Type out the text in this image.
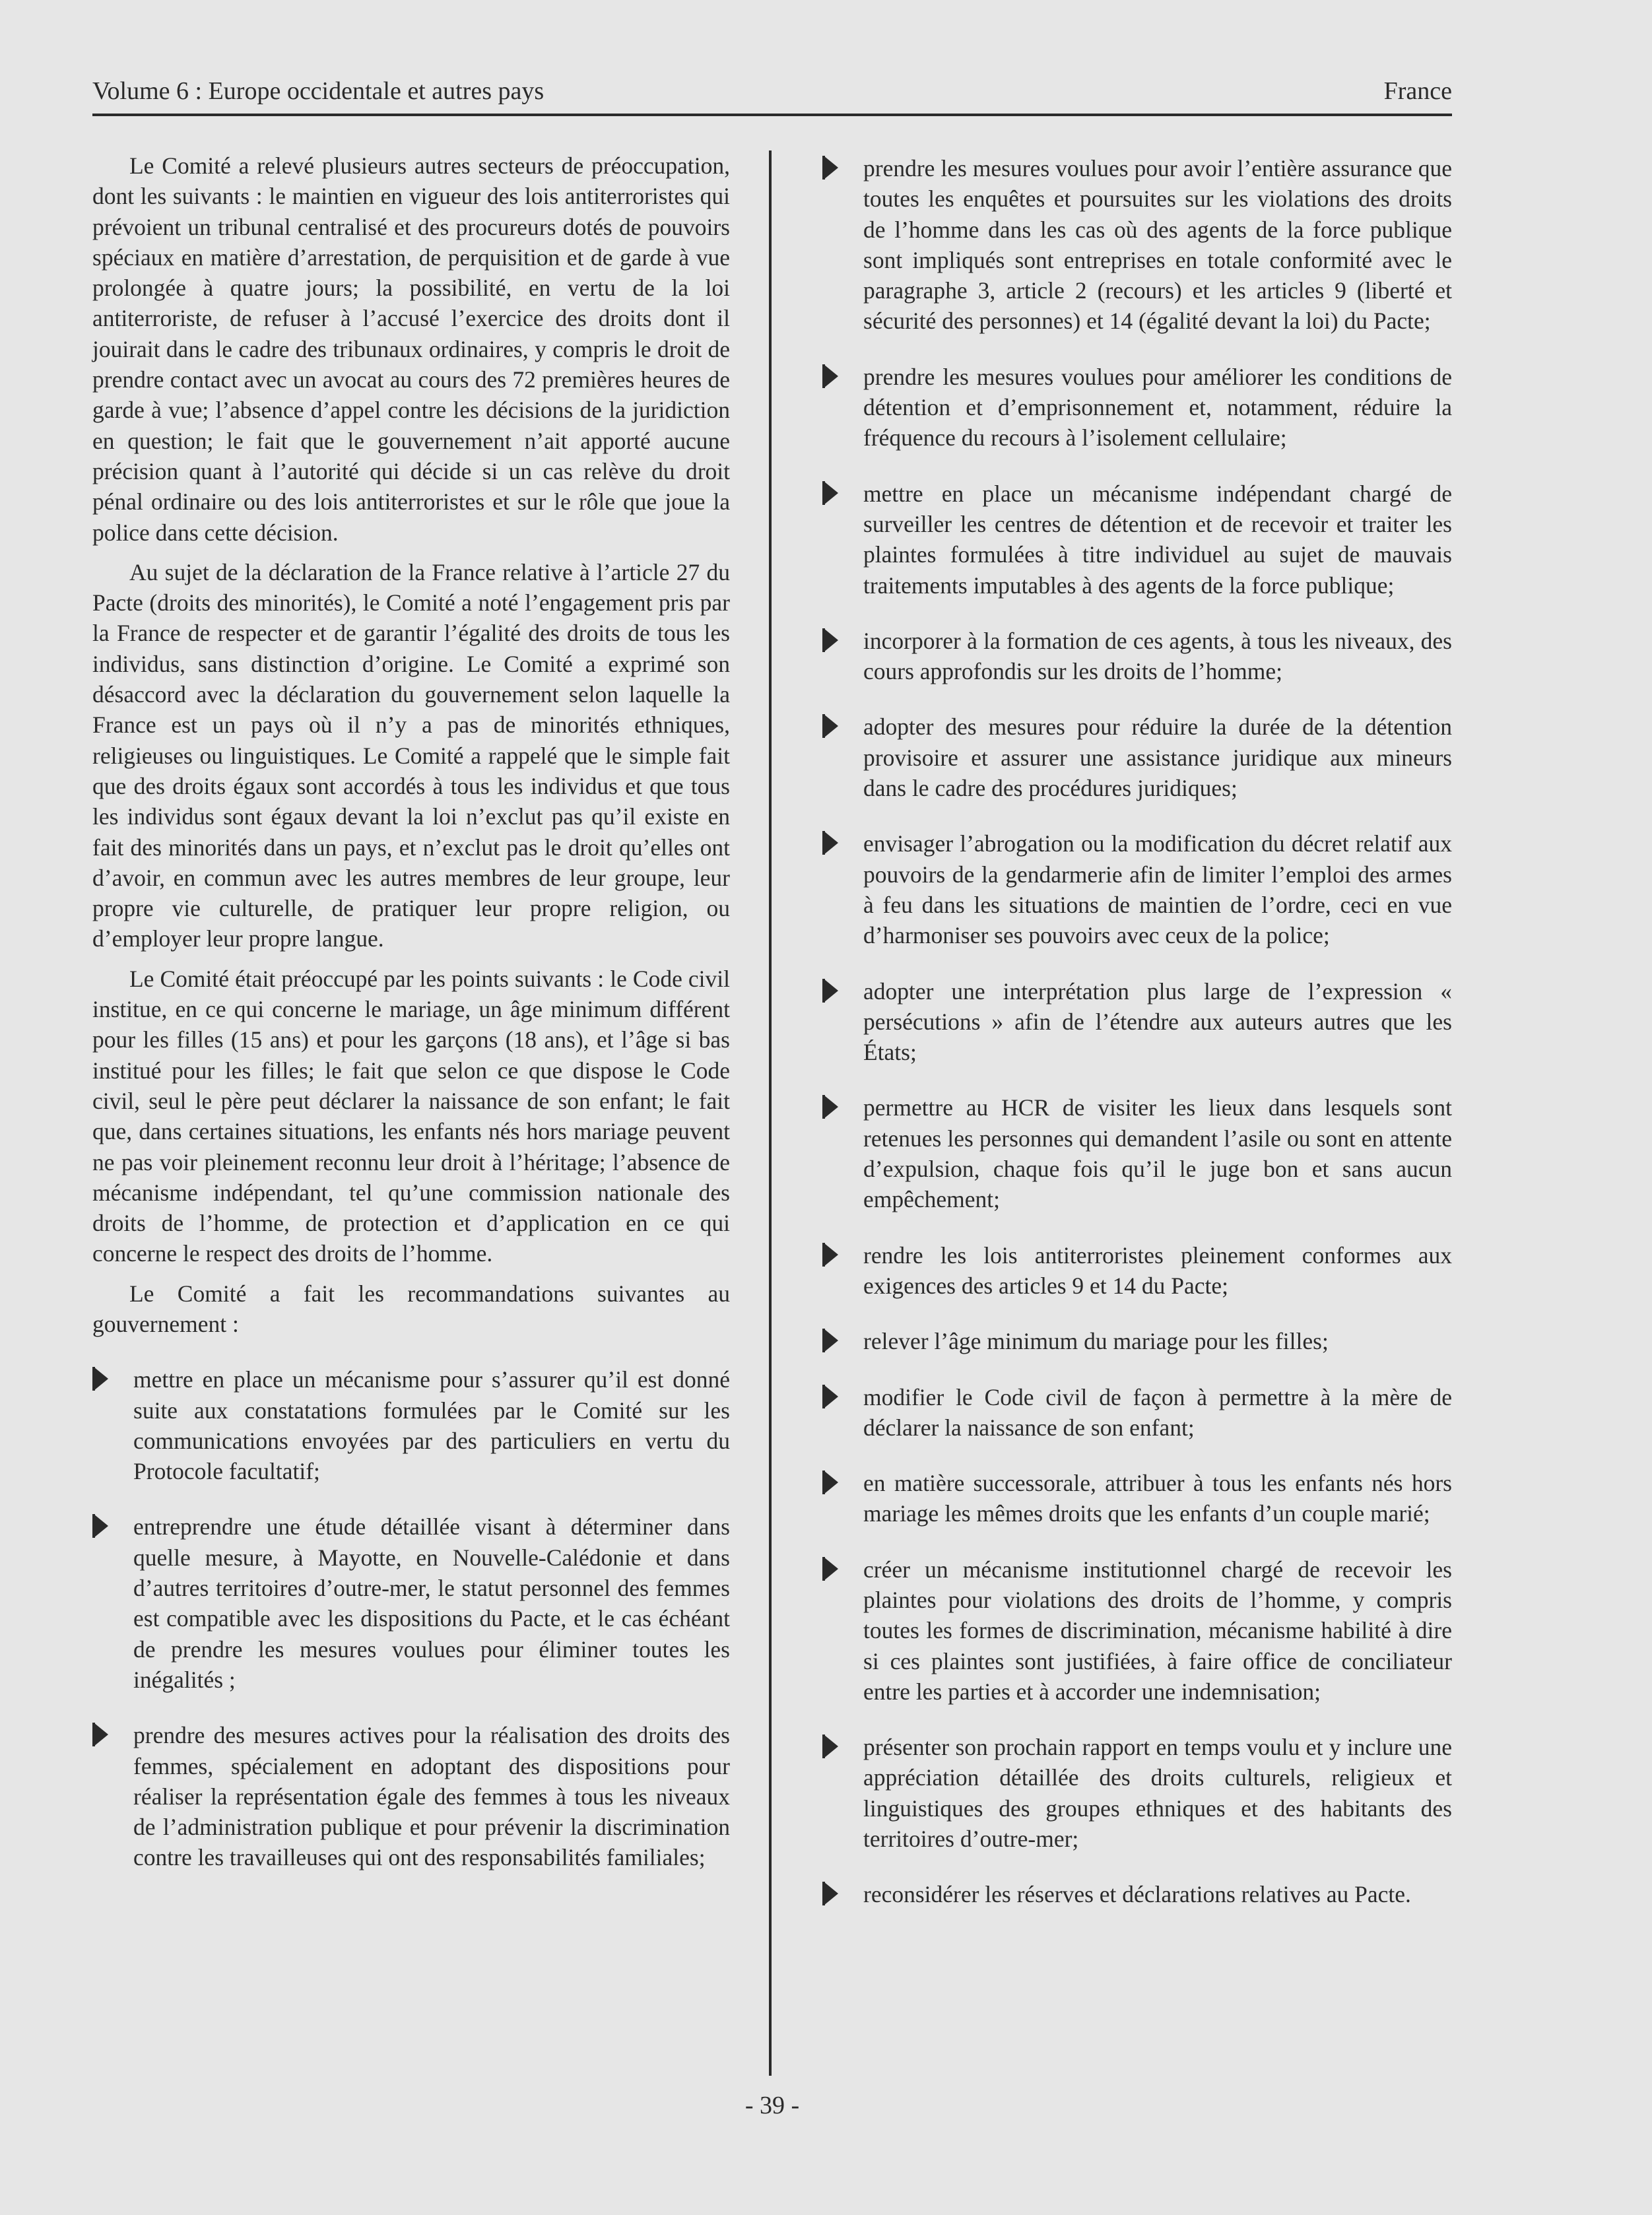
Volume 6 : Europe occidentale et autres pays	France

Le Comité a relevé plusieurs autres secteurs de préoccupation, dont les suivants : le maintien en vigueur des lois antiterroristes qui prévoient un tribunal centralisé et des procureurs dotés de pouvoirs spéciaux en matière d’arrestation, de perquisition et de garde à vue prolongée à quatre jours; la possibilité, en vertu de la loi antiterroriste, de refuser à l’accusé l’exercice des droits dont il jouirait dans le cadre des tribunaux ordinaires, y compris le droit de prendre contact avec un avocat au cours des 72 premières heures de garde à vue; l’absence d’appel contre les décisions de la juridiction en question; le fait que le gouvernement n’ait apporté aucune précision quant à l’autorité qui décide si un cas relève du droit pénal ordinaire ou des lois antiterroristes et sur le rôle que joue la police dans cette décision.

Au sujet de la déclaration de la France relative à l’article 27 du Pacte (droits des minorités), le Comité a noté l’engagement pris par la France de respecter et de garantir l’égalité des droits de tous les individus, sans distinction d’origine. Le Comité a exprimé son désaccord avec la déclaration du gouvernement selon laquelle la France est un pays où il n’y a pas de minorités ethniques, religieuses ou linguistiques. Le Comité a rappelé que le simple fait que des droits égaux sont accordés à tous les individus et que tous les individus sont égaux devant la loi n’exclut pas qu’il existe en fait des minorités dans un pays, et n’exclut pas le droit qu’elles ont d’avoir, en commun avec les autres membres de leur groupe, leur propre vie culturelle, de pratiquer leur propre religion, ou d’employer leur propre langue.

Le Comité était préoccupé par les points suivants : le Code civil institue, en ce qui concerne le mariage, un âge minimum différent pour les filles (15 ans) et pour les garçons (18 ans), et l’âge si bas institué pour les filles; le fait que selon ce que dispose le Code civil, seul le père peut déclarer la naissance de son enfant; le fait que, dans certaines situations, les enfants nés hors mariage peuvent ne pas voir pleinement reconnu leur droit à l’héritage; l’absence de mécanisme indépendant, tel qu’une commission nationale des droits de l’homme, de protection et d’application en ce qui concerne le respect des droits de l’homme.

Le Comité a fait les recommandations suivantes au gouvernement :

mettre en place un mécanisme pour s’assurer qu’il est donné suite aux constatations formulées par le Comité sur les communications envoyées par des particuliers en vertu du Protocole facultatif;
entreprendre une étude détaillée visant à déterminer dans quelle mesure, à Mayotte, en Nouvelle-Calédonie et dans d’autres territoires d’outre-mer, le statut personnel des femmes est compatible avec les dispositions du Pacte, et le cas échéant de prendre les mesures voulues pour éliminer toutes les inégalités ;
prendre des mesures actives pour la réalisation des droits des femmes, spécialement en adoptant des dispositions pour réaliser la représentation égale des femmes à tous les niveaux de l’administration publique et pour prévenir la discrimination contre les travailleuses qui ont des responsabilités familiales;
prendre les mesures voulues pour avoir l’entière assurance que toutes les enquêtes et poursuites sur les violations des droits de l’homme dans les cas où des agents de la force publique sont impliqués sont entreprises en totale conformité avec le paragraphe 3, article 2 (recours) et les articles 9 (liberté et sécurité des personnes) et 14 (égalité devant la loi) du Pacte;
prendre les mesures voulues pour améliorer les conditions de détention et d’emprisonnement et, notamment, réduire la fréquence du recours à l’isolement cellulaire;
mettre en place un mécanisme indépendant chargé de surveiller les centres de détention et de recevoir et traiter les plaintes formulées à titre individuel au sujet de mauvais traitements imputables à des agents de la force publique;
incorporer à la formation de ces agents, à tous les niveaux, des cours approfondis sur les droits de l’homme;
adopter des mesures pour réduire la durée de la détention provisoire et assurer une assistance juridique aux mineurs dans le cadre des procédures juridiques;
envisager l’abrogation ou la modification du décret relatif aux pouvoirs de la gendarmerie afin de limiter l’emploi des armes à feu dans les situations de maintien de l’ordre, ceci en vue d’harmoniser ses pouvoirs avec ceux de la police;
adopter une interprétation plus large de l’expression « persécutions » afin de l’étendre aux auteurs autres que les États;
permettre au HCR de visiter les lieux dans lesquels sont retenues les personnes qui demandent l’asile ou sont en attente d’expulsion, chaque fois qu’il le juge bon et sans aucun empêchement;
rendre les lois antiterroristes pleinement conformes aux exigences des articles 9 et 14 du Pacte;
relever l’âge minimum du mariage pour les filles;
modifier le Code civil de façon à permettre à la mère de déclarer la naissance de son enfant;
en matière successorale, attribuer à tous les enfants nés hors mariage les mêmes droits que les enfants d’un couple marié;
créer un mécanisme institutionnel chargé de recevoir les plaintes pour violations des droits de l’homme, y compris toutes les formes de discrimination, mécanisme habilité à dire si ces plaintes sont justifiées, à faire office de conciliateur entre les parties et à accorder une indemnisation;
présenter son prochain rapport en temps voulu et y inclure une appréciation détaillée des droits culturels, religieux et linguistiques des groupes ethniques et des habitants des territoires d’outre-mer;
reconsidérer les réserves et déclarations relatives au Pacte.
- 39 -
